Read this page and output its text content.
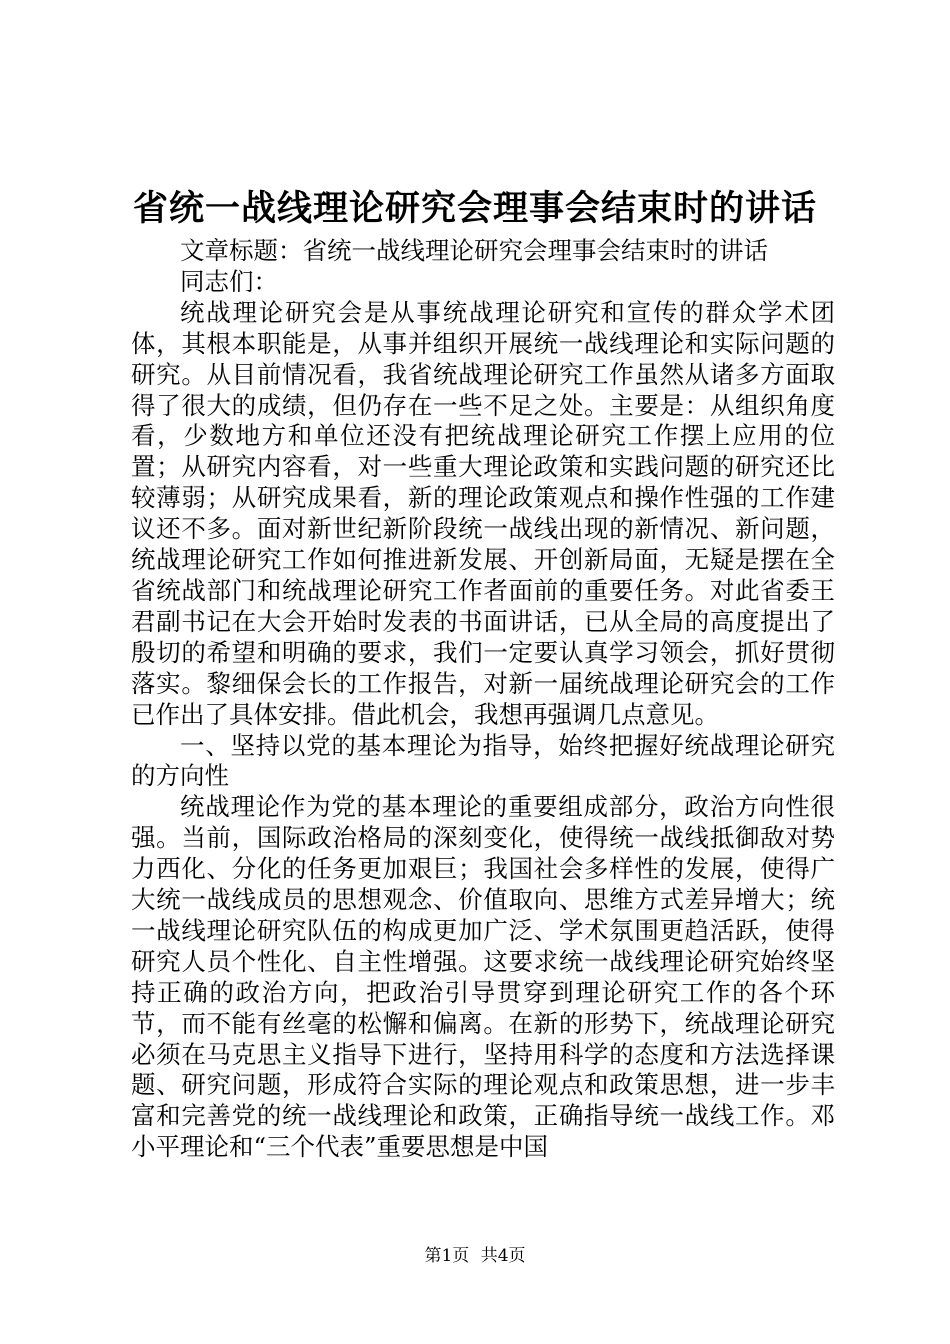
省统一战线理论研究会理事会结束时的讲话

文章标题：省统一战线理论研究会理事会结束时的讲话

同志们：

统战理论研究会是从事统战理论研究和宣传的群众学术团体，其根本职能是，从事并组织开展统一战线理论和实际问题的研究。从目前情况看，我省统战理论研究工作虽然从诸多方面取得了很大的成绩，但仍存在一些不足之处。主要是：从组织角度看，少数地方和单位还没有把统战理论研究工作摆上应用的位置；从研究内容看，对一些重大理论政策和实践问题的研究还比较薄弱；从研究成果看，新的理论政策观点和操作性强的工作建议还不多。面对新世纪新阶段统一战线出现的新情况、新问题，统战理论研究工作如何推进新发展、开创新局面，无疑是摆在全省统战部门和统战理论研究工作者面前的重要任务。对此省委王君副书记在大会开始时发表的书面讲话，已从全局的高度提出了殷切的希望和明确的要求，我们一定要认真学习领会，抓好贯彻落实。黎细保会长的工作报告，对新一届统战理论研究会的工作已作出了具体安排。借此机会，我想再强调几点意见。

一、坚持以党的基本理论为指导，始终把握好统战理论研究的方向性

统战理论作为党的基本理论的重要组成部分，政治方向性很强。当前，国际政治格局的深刻变化，使得统一战线抵御敌对势力西化、分化的任务更加艰巨；我国社会多样性的发展，使得广大统一战线成员的思想观念、价值取向、思维方式差异增大；统一战线理论研究队伍的构成更加广泛、学术氛围更趋活跃，使得研究人员个性化、自主性增强。这要求统一战线理论研究始终坚持正确的政治方向，把政治引导贯穿到理论研究工作的各个环节，而不能有丝毫的松懈和偏离。在新的形势下，统战理论研究必须在马克思主义指导下进行，坚持用科学的态度和方法选择课题、研究问题，形成符合实际的理论观点和政策思想，进一步丰富和完善党的统一战线理论和政策，正确指导统一战线工作。邓小平理论和“三个代表”重要思想是中国

第1页 共4页
